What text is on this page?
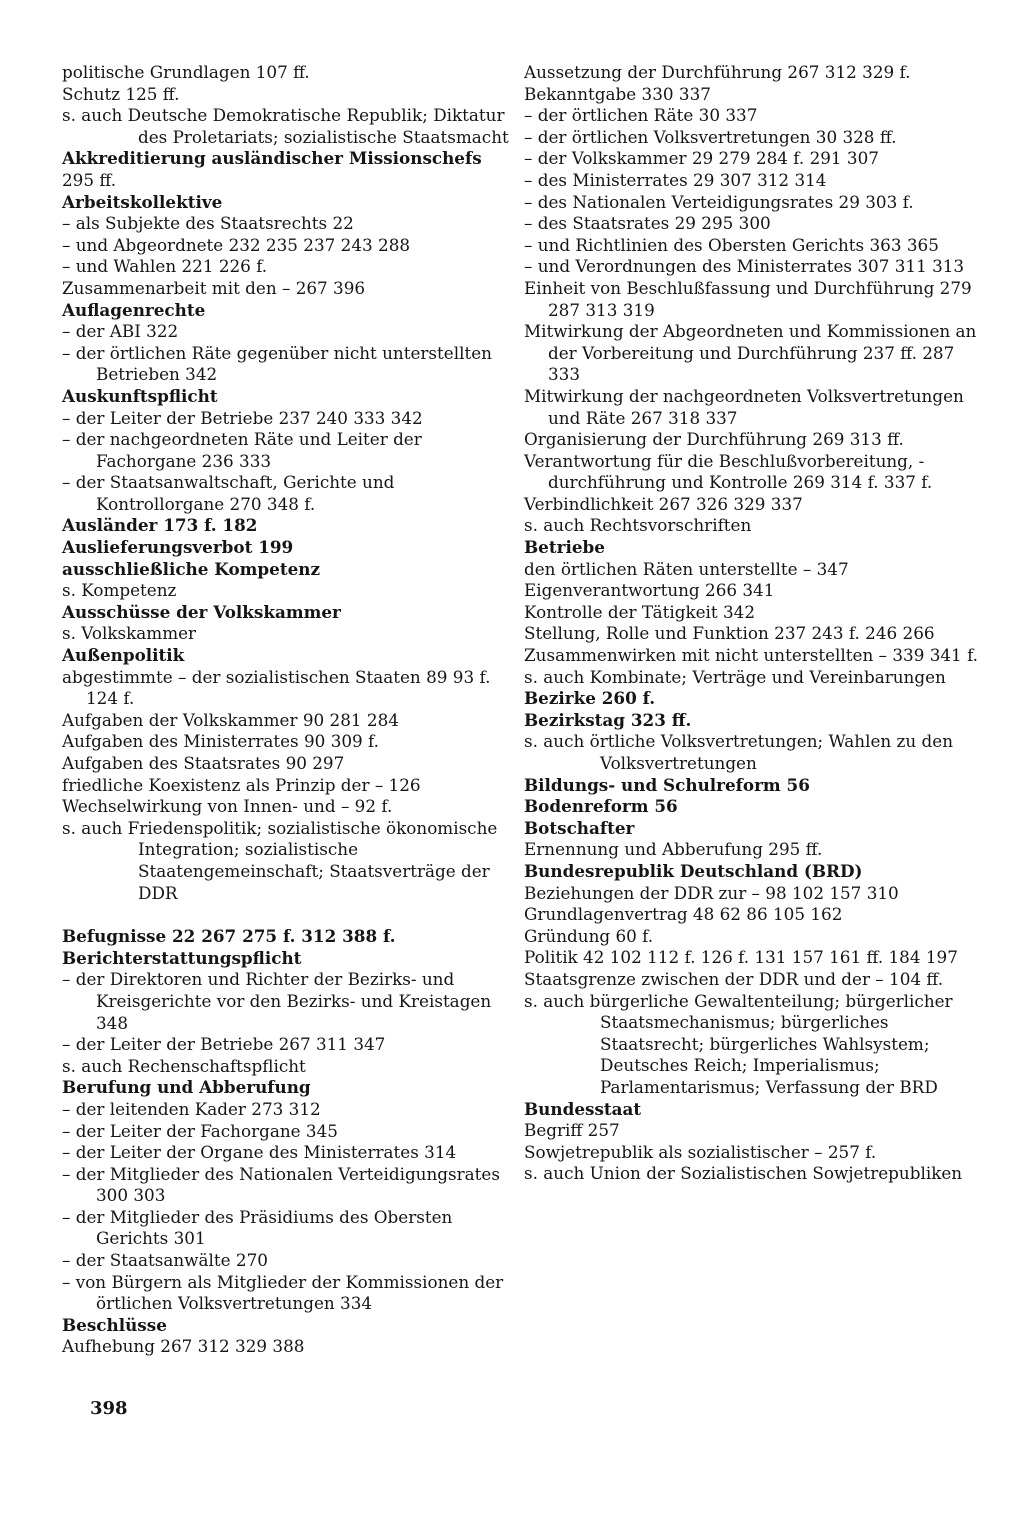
politische Grundlagen 107 ff.
Schutz 125 ff.
s. auch Deutsche Demokratische Republik; Diktatur des Proletariats; sozialistische Staatsmacht
Akkreditierung ausländischer Missionschefs
295 ff.
Arbeitskollektive
– als Subjekte des Staatsrechts 22
– und Abgeordnete 232 235 237 243 288
– und Wahlen 221 226 f.
Zusammenarbeit mit den – 267 396
Auflagenrechte
– der ABI 322
– der örtlichen Räte gegenüber nicht unterstellten Betrieben 342
Auskunftspflicht
– der Leiter der Betriebe 237 240 333 342
– der nachgeordneten Räte und Leiter der Fachorgane 236 333
– der Staatsanwaltschaft, Gerichte und Kontrollorgane 270 348 f.
Ausländer 173 f. 182
Auslieferungsverbot 199
ausschließliche Kompetenz
s. Kompetenz
Ausschüsse der Volkskammer
s. Volkskammer
Außenpolitik
abgestimmte – der sozialistischen Staaten 89 93 f. 124 f.
Aufgaben der Volkskammer 90 281 284
Aufgaben des Ministerrates 90 309 f.
Aufgaben des Staatsrates 90 297
friedliche Koexistenz als Prinzip der – 126
Wechselwirkung von Innen- und – 92 f.
s. auch Friedenspolitik; sozialistische ökonomische Integration; sozialistische Staatengemeinschaft; Staatsverträge der DDR
Befugnisse 22 267 275 f. 312 388 f.
Berichterstattungspflicht
– der Direktoren und Richter der Bezirks- und Kreisgerichte vor den Bezirks- und Kreistagen 348
– der Leiter der Betriebe 267 311 347
s. auch Rechenschaftspflicht
Berufung und Abberufung
– der leitenden Kader 273 312
– der Leiter der Fachorgane 345
– der Leiter der Organe des Ministerrates 314
– der Mitglieder des Nationalen Verteidigungsrates 300 303
– der Mitglieder des Präsidiums des Obersten Gerichts 301
– der Staatsanwälte 270
– von Bürgern als Mitglieder der Kommissionen der örtlichen Volksvertretungen 334
Beschlüsse
Aufhebung 267 312 329 388
Aussetzung der Durchführung 267 312 329 f.
Bekanntgabe 330 337
– der örtlichen Räte 30 337
– der örtlichen Volksvertretungen 30 328 ff.
– der Volkskammer 29 279 284 f. 291 307
– des Ministerrates 29 307 312 314
– des Nationalen Verteidigungsrates 29 303 f.
– des Staatsrates 29 295 300
– und Richtlinien des Obersten Gerichts 363 365
– und Verordnungen des Ministerrates 307 311 313
Einheit von Beschlußfassung und Durchführung 279 287 313 319
Mitwirkung der Abgeordneten und Kommissionen an der Vorbereitung und Durchführung 237 ff. 287 333
Mitwirkung der nachgeordneten Volksvertretungen und Räte 267 318 337
Organisierung der Durchführung 269 313 ff.
Verantwortung für die Beschlußvorbereitung, -durchführung und Kontrolle 269 314 f. 337 f.
Verbindlichkeit 267 326 329 337
s. auch Rechtsvorschriften
Betriebe
den örtlichen Räten unterstellte – 347
Eigenverantwortung 266 341
Kontrolle der Tätigkeit 342
Stellung, Rolle und Funktion 237 243 f. 246 266
Zusammenwirken mit nicht unterstellten – 339 341 f.
s. auch Kombinate; Verträge und Vereinbarungen
Bezirke 260 f.
Bezirkstag 323 ff.
s. auch örtliche Volksvertretungen; Wahlen zu den Volksvertretungen
Bildungs- und Schulreform 56
Bodenreform 56
Botschafter
Ernennung und Abberufung 295 ff.
Bundesrepublik Deutschland (BRD)
Beziehungen der DDR zur – 98 102 157 310
Grundlagenvertrag 48 62 86 105 162
Gründung 60 f.
Politik 42 102 112 f. 126 f. 131 157 161 ff. 184 197
Staatsgrenze zwischen der DDR und der – 104 ff.
s. auch bürgerliche Gewaltenteilung; bürgerlicher Staatsmechanismus; bürgerliches Staatsrecht; bürgerliches Wahlsystem; Deutsches Reich; Imperialismus; Parlamentarismus; Verfassung der BRD
Bundesstaat
Begriff 257
Sowjetrepublik als sozialistischer – 257 f.
s. auch Union der Sozialistischen Sowjetrepubliken
398
